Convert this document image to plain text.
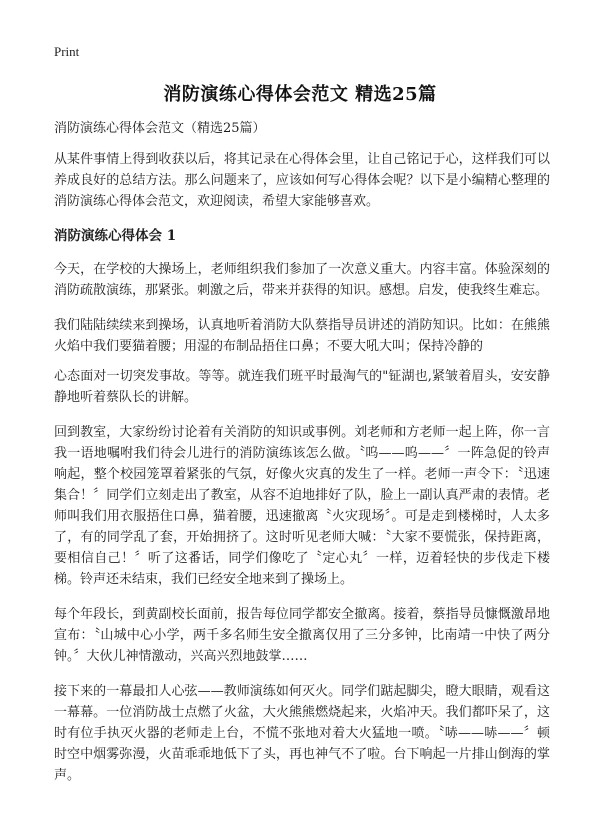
Print
消防演练心得体会范文 精选25篇

消防演练心得体会范文（精选25篇）

从某件事情上得到收获以后，将其记录在心得体会里，让自己铭记于心，这样我们可以养成良好的总结方法。那么问题来了，应该如何写心得体会呢？以下是小编精心整理的消防演练心得体会范文，欢迎阅读，希望大家能够喜欢。

消防演练心得体会 1

今天，在学校的大操场上，老师组织我们参加了一次意义重大。内容丰富。体验深刻的消防疏散演练，那紧张。刺激之后，带来并获得的知识。感想。启发，使我终生难忘。

我们陆陆续续来到操场，认真地听着消防大队蔡指导员讲述的消防知识。比如：在熊熊火焰中我们要猫着腰；用湿的布制品捂住口鼻；不要大吼大叫；保持冷静的

心态面对一切突发事故。等等。就连我们班平时最淘气的"钲湖也,紧皱着眉头，安安静静地听着蔡队长的讲解。

回到教室，大家纷纷讨论着有关消防的知识或事例。刘老师和方老师一起上阵，你一言我一语地嘱咐我们待会儿进行的消防演练该怎么做。〝呜——呜——〞一阵急促的铃声响起，整个校园笼罩着紧张的气氛，好像火灾真的发生了一样。老师一声令下：〝迅速集合！〞同学们立刻走出了教室，从容不迫地排好了队，脸上一副认真严肃的表情。老师叫我们用衣服捂住口鼻，猫着腰，迅速撤离〝火灾现场〞。可是走到楼梯时，人太多了，有的同学乱了套，开始拥挤了。这时听见老师大喊：〝大家不要慌张，保持距离，要相信自己！〞听了这番话，同学们像吃了〝定心丸〞一样，迈着轻快的步伐走下楼梯。铃声还未结束，我们已经安全地来到了操场上。

每个年段长，到黄副校长面前，报告每位同学都安全撤离。接着，蔡指导员慷慨激昂地宣布：〝山城中心小学，两千多名师生安全撤离仅用了三分多钟，比南靖一中快了两分钟。〞大伙儿神情激动，兴高兴烈地鼓掌……

接下来的一幕最扣人心弦——教师演练如何灭火。同学们踮起脚尖，瞪大眼睛，观看这一幕幕。一位消防战士点燃了火盆，大火熊熊燃烧起来，火焰冲天。我们都吓呆了，这时有位手执灭火器的老师走上台，不慌不张地对着大火猛地一喷。〝哧——哧——〞顿时空中烟雾弥漫，火苗乖乖地低下了头，再也神气不了啦。台下响起一片排山倒海的掌声。
